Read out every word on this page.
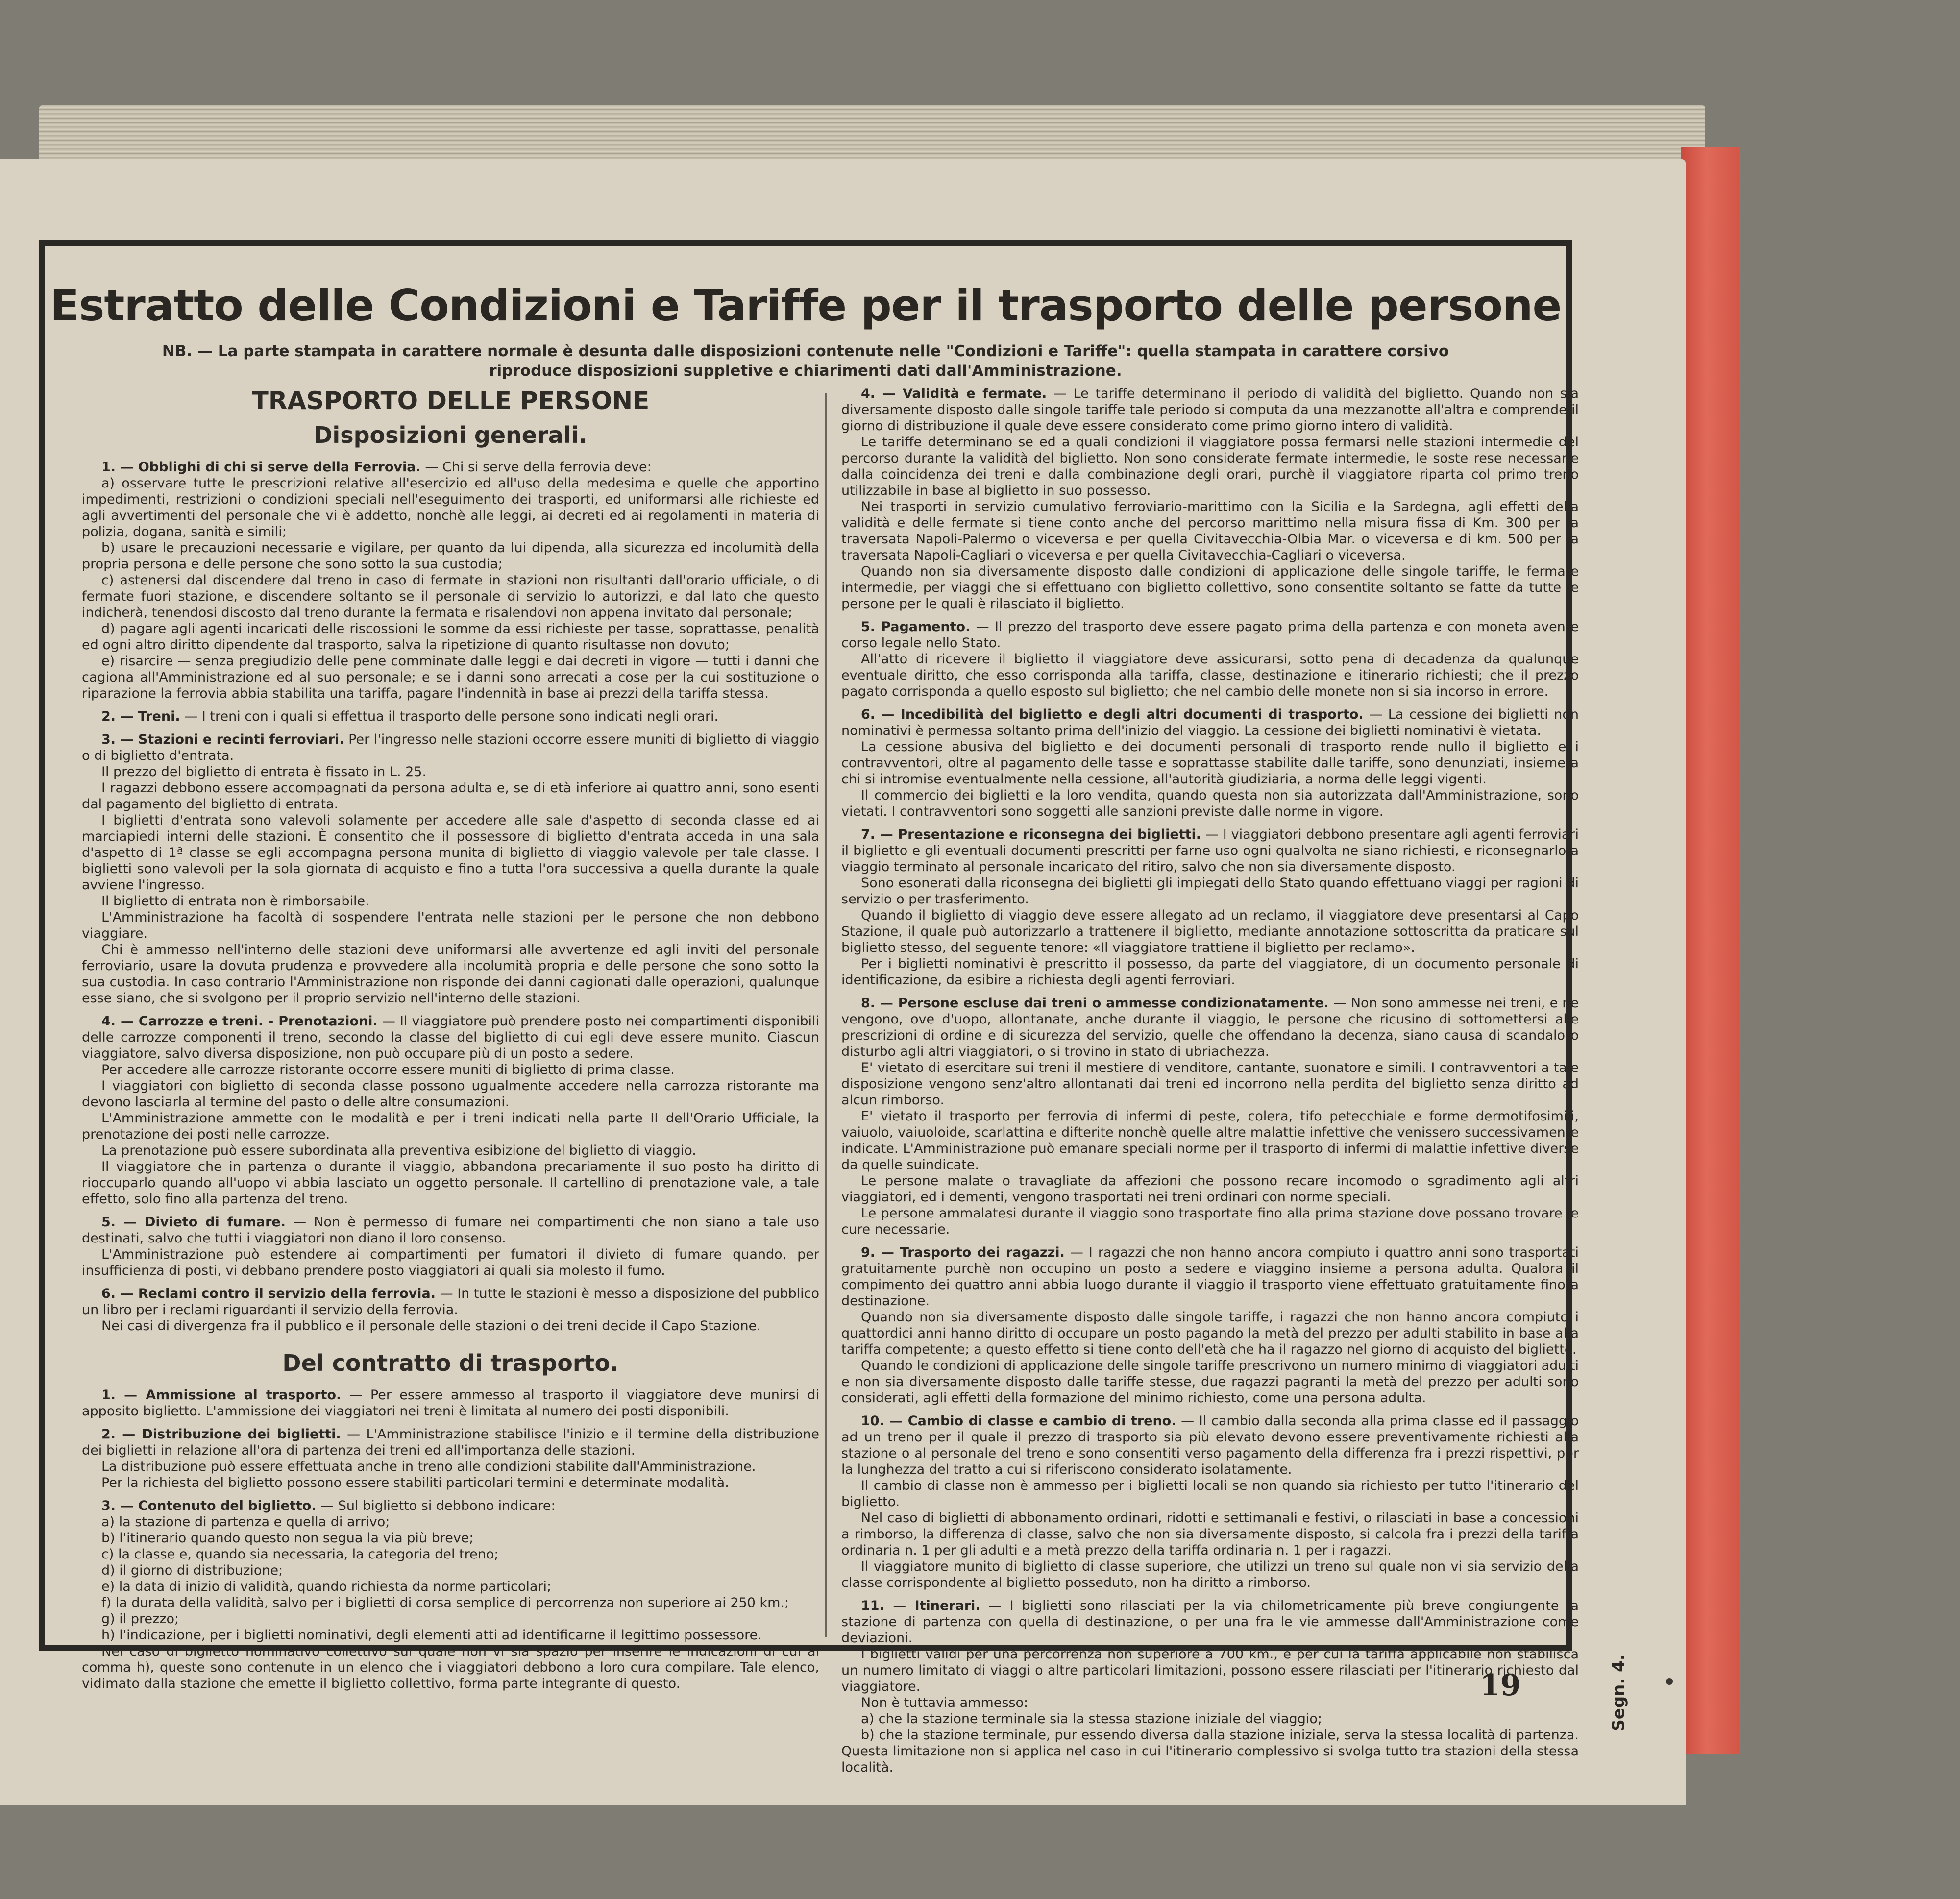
Estratto delle Condizioni e Tariffe per il trasporto delle persone
NB. — La parte stampata in carattere normale è desunta dalle disposizioni contenute nelle "Condizioni e Tariffe": quella stampata in carattere corsivo riproduce disposizioni suppletive e chiarimenti dati dall'Amministrazione.
TRASPORTO DELLE PERSONE
Disposizioni generali.

1. — Obblighi di chi si serve della Ferrovia. — Chi si serve della ferrovia deve:

a) osservare tutte le prescrizioni relative all'esercizio ed all'uso della medesima e quelle che apportino impedimenti, restrizioni o condizioni speciali nell'eseguimento dei trasporti, ed uniformarsi alle richieste ed agli avvertimenti del personale che vi è addetto, nonchè alle leggi, ai decreti ed ai regolamenti in materia di polizia, dogana, sanità e simili;

b) usare le precauzioni necessarie e vigilare, per quanto da lui dipenda, alla sicurezza ed incolumità della propria persona e delle persone che sono sotto la sua custodia;

c) astenersi dal discendere dal treno in caso di fermate in stazioni non risultanti dall'orario ufficiale, o di fermate fuori stazione, e discendere soltanto se il personale di servizio lo autorizzi, e dal lato che questo indicherà, tenendosi discosto dal treno durante la fermata e risalendovi non appena invitato dal personale;

d) pagare agli agenti incaricati delle riscossioni le somme da essi richieste per tasse, soprattasse, penalità ed ogni altro diritto dipendente dal trasporto, salva la ripetizione di quanto risultasse non dovuto;

e) risarcire — senza pregiudizio delle pene comminate dalle leggi e dai decreti in vigore — tutti i danni che cagiona all'Amministrazione ed al suo personale; e se i danni sono arrecati a cose per la cui sostituzione o riparazione la ferrovia abbia stabilita una tariffa, pagare l'indennità in base ai prezzi della tariffa stessa.

2. — Treni. — I treni con i quali si effettua il trasporto delle persone sono indicati negli orari.

3. — Stazioni e recinti ferroviari. Per l'ingresso nelle stazioni occorre essere muniti di biglietto di viaggio o di biglietto d'entrata.

Il prezzo del biglietto di entrata è fissato in L. 25.

I ragazzi debbono essere accompagnati da persona adulta e, se di età inferiore ai quattro anni, sono esenti dal pagamento del biglietto di entrata.

I biglietti d'entrata sono valevoli solamente per accedere alle sale d'aspetto di seconda classe ed ai marciapiedi interni delle stazioni. È consentito che il possessore di biglietto d'entrata acceda in una sala d'aspetto di 1ª classe se egli accompagna persona munita di biglietto di viaggio valevole per tale classe. I biglietti sono valevoli per la sola giornata di acquisto e fino a tutta l'ora successiva a quella durante la quale avviene l'ingresso.

Il biglietto di entrata non è rimborsabile.

L'Amministrazione ha facoltà di sospendere l'entrata nelle stazioni per le persone che non debbono viaggiare.

Chi è ammesso nell'interno delle stazioni deve uniformarsi alle avvertenze ed agli inviti del personale ferroviario, usare la dovuta prudenza e provvedere alla incolumità propria e delle persone che sono sotto la sua custodia. In caso contrario l'Amministrazione non risponde dei danni cagionati dalle operazioni, qualunque esse siano, che si svolgono per il proprio servizio nell'interno delle stazioni.

4. — Carrozze e treni. - Prenotazioni. — Il viaggiatore può prendere posto nei compartimenti disponibili delle carrozze componenti il treno, secondo la classe del biglietto di cui egli deve essere munito. Ciascun viaggiatore, salvo diversa disposizione, non può occupare più di un posto a sedere.

Per accedere alle carrozze ristorante occorre essere muniti di biglietto di prima classe.

I viaggiatori con biglietto di seconda classe possono ugualmente accedere nella carrozza ristorante ma devono lasciarla al termine del pasto o delle altre consumazioni.

L'Amministrazione ammette con le modalità e per i treni indicati nella parte II dell'Orario Ufficiale, la prenotazione dei posti nelle carrozze.

La prenotazione può essere subordinata alla preventiva esibizione del biglietto di viaggio.

Il viaggiatore che in partenza o durante il viaggio, abbandona precariamente il suo posto ha diritto di rioccuparlo quando all'uopo vi abbia lasciato un oggetto personale. Il cartellino di prenotazione vale, a tale effetto, solo fino alla partenza del treno.

5. — Divieto di fumare. — Non è permesso di fumare nei compartimenti che non siano a tale uso destinati, salvo che tutti i viaggiatori non diano il loro consenso.

L'Amministrazione può estendere ai compartimenti per fumatori il divieto di fumare quando, per insufficienza di posti, vi debbano prendere posto viaggiatori ai quali sia molesto il fumo.

6. — Reclami contro il servizio della ferrovia. — In tutte le stazioni è messo a disposizione del pubblico un libro per i reclami riguardanti il servizio della ferrovia.

Nei casi di divergenza fra il pubblico e il personale delle stazioni o dei treni decide il Capo Stazione.

Del contratto di trasporto.

1. — Ammissione al trasporto. — Per essere ammesso al trasporto il viaggiatore deve munirsi di apposito biglietto. L'ammissione dei viaggiatori nei treni è limitata al numero dei posti disponibili.

2. — Distribuzione dei biglietti. — L'Amministrazione stabilisce l'inizio e il termine della distribuzione dei biglietti in relazione all'ora di partenza dei treni ed all'importanza delle stazioni.

La distribuzione può essere effettuata anche in treno alle condizioni stabilite dall'Amministrazione.

Per la richiesta del biglietto possono essere stabiliti particolari termini e determinate modalità.

3. — Contenuto del biglietto. — Sul biglietto si debbono indicare:

a) la stazione di partenza e quella di arrivo;

b) l'itinerario quando questo non segua la via più breve;

c) la classe e, quando sia necessaria, la categoria del treno;

d) il giorno di distribuzione;

e) la data di inizio di validità, quando richiesta da norme particolari;

f) la durata della validità, salvo per i biglietti di corsa semplice di percorrenza non superiore ai 250 km.;

g) il prezzo;

h) l'indicazione, per i biglietti nominativi, degli elementi atti ad identificarne il legittimo possessore.

Nel caso di biglietto nominativo collettivo sul quale non vi sia spazio per inserire le indicazioni di cui al comma h), queste sono contenute in un elenco che i viaggiatori debbono a loro cura compilare. Tale elenco, vidimato dalla stazione che emette il biglietto collettivo, forma parte integrante di questo.

4. — Validità e fermate. — Le tariffe determinano il periodo di validità del biglietto. Quando non sia diversamente disposto dalle singole tariffe tale periodo si computa da una mezzanotte all'altra e comprende il giorno di distribuzione il quale deve essere considerato come primo giorno intero di validità.

Le tariffe determinano se ed a quali condizioni il viaggiatore possa fermarsi nelle stazioni intermedie del percorso durante la validità del biglietto. Non sono considerate fermate intermedie, le soste rese necessarie dalla coincidenza dei treni e dalla combinazione degli orari, purchè il viaggiatore riparta col primo treno utilizzabile in base al biglietto in suo possesso.

Nei trasporti in servizio cumulativo ferroviario-marittimo con la Sicilia e la Sardegna, agli effetti della validità e delle fermate si tiene conto anche del percorso marittimo nella misura fissa di Km. 300 per la traversata Napoli-Palermo o viceversa e per quella Civitavecchia-Olbia Mar. o viceversa e di km. 500 per la traversata Napoli-Cagliari o viceversa e per quella Civitavecchia-Cagliari o viceversa.

Quando non sia diversamente disposto dalle condizioni di applicazione delle singole tariffe, le fermate intermedie, per viaggi che si effettuano con biglietto collettivo, sono consentite soltanto se fatte da tutte le persone per le quali è rilasciato il biglietto.

5. Pagamento. — Il prezzo del trasporto deve essere pagato prima della partenza e con moneta avente corso legale nello Stato.

All'atto di ricevere il biglietto il viaggiatore deve assicurarsi, sotto pena di decadenza da qualunque eventuale diritto, che esso corrisponda alla tariffa, classe, destinazione e itinerario richiesti; che il prezzo pagato corrisponda a quello esposto sul biglietto; che nel cambio delle monete non si sia incorso in errore.

6. — Incedibilità del biglietto e degli altri documenti di trasporto. — La cessione dei biglietti non nominativi è permessa soltanto prima dell'inizio del viaggio. La cessione dei biglietti nominativi è vietata.

La cessione abusiva del biglietto e dei documenti personali di trasporto rende nullo il biglietto e i contravventori, oltre al pagamento delle tasse e soprattasse stabilite dalle tariffe, sono denunziati, insieme a chi si intromise eventualmente nella cessione, all'autorità giudiziaria, a norma delle leggi vigenti.

Il commercio dei biglietti e la loro vendita, quando questa non sia autorizzata dall'Amministrazione, sono vietati. I contravventori sono soggetti alle sanzioni previste dalle norme in vigore.

7. — Presentazione e riconsegna dei biglietti. — I viaggiatori debbono presentare agli agenti ferroviari il biglietto e gli eventuali documenti prescritti per farne uso ogni qualvolta ne siano richiesti, e riconsegnarlo a viaggio terminato al personale incaricato del ritiro, salvo che non sia diversamente disposto.

Sono esonerati dalla riconsegna dei biglietti gli impiegati dello Stato quando effettuano viaggi per ragioni di servizio o per trasferimento.

Quando il biglietto di viaggio deve essere allegato ad un reclamo, il viaggiatore deve presentarsi al Capo Stazione, il quale può autorizzarlo a trattenere il biglietto, mediante annotazione sottoscritta da praticare sul biglietto stesso, del seguente tenore: «Il viaggiatore trattiene il biglietto per reclamo».

Per i biglietti nominativi è prescritto il possesso, da parte del viaggiatore, di un documento personale di identificazione, da esibire a richiesta degli agenti ferroviari.

8. — Persone escluse dai treni o ammesse condizionatamente. — Non sono ammesse nei treni, e ne vengono, ove d'uopo, allontanate, anche durante il viaggio, le persone che ricusino di sottomettersi alle prescrizioni di ordine e di sicurezza del servizio, quelle che offendano la decenza, siano causa di scandalo o disturbo agli altri viaggiatori, o si trovino in stato di ubriachezza.

E' vietato di esercitare sui treni il mestiere di venditore, cantante, suonatore e simili. I contravventori a tale disposizione vengono senz'altro allontanati dai treni ed incorrono nella perdita del biglietto senza diritto ad alcun rimborso.

E' vietato il trasporto per ferrovia di infermi di peste, colera, tifo petecchiale e forme dermotifosimili, vaiuolo, vaiuoloide, scarlattina e difterite nonchè quelle altre malattie infettive che venissero successivamente indicate. L'Amministrazione può emanare speciali norme per il trasporto di infermi di malattie infettive diverse da quelle suindicate.

Le persone malate o travagliate da affezioni che possono recare incomodo o sgradimento agli altri viaggiatori, ed i dementi, vengono trasportati nei treni ordinari con norme speciali.

Le persone ammalatesi durante il viaggio sono trasportate fino alla prima stazione dove possano trovare le cure necessarie.

9. — Trasporto dei ragazzi. — I ragazzi che non hanno ancora compiuto i quattro anni sono trasportati gratuitamente purchè non occupino un posto a sedere e viaggino insieme a persona adulta. Qualora il compimento dei quattro anni abbia luogo durante il viaggio il trasporto viene effettuato gratuitamente fino a destinazione.

Quando non sia diversamente disposto dalle singole tariffe, i ragazzi che non hanno ancora compiuto i quattordici anni hanno diritto di occupare un posto pagando la metà del prezzo per adulti stabilito in base alla tariffa competente; a questo effetto si tiene conto dell'età che ha il ragazzo nel giorno di acquisto del biglietto.

Quando le condizioni di applicazione delle singole tariffe prescrivono un numero minimo di viaggiatori adulti e non sia diversamente disposto dalle tariffe stesse, due ragazzi pagranti la metà del prezzo per adulti sono considerati, agli effetti della formazione del minimo richiesto, come una persona adulta.

10. — Cambio di classe e cambio di treno. — Il cambio dalla seconda alla prima classe ed il passaggio ad un treno per il quale il prezzo di trasporto sia più elevato devono essere preventivamente richiesti alla stazione o al personale del treno e sono consentiti verso pagamento della differenza fra i prezzi rispettivi, per la lunghezza del tratto a cui si riferiscono considerato isolatamente.

Il cambio di classe non è ammesso per i biglietti locali se non quando sia richiesto per tutto l'itinerario del biglietto.

Nel caso di biglietti di abbonamento ordinari, ridotti e settimanali e festivi, o rilasciati in base a concessioni a rimborso, la differenza di classe, salvo che non sia diversamente disposto, si calcola fra i prezzi della tariffa ordinaria n. 1 per gli adulti e a metà prezzo della tariffa ordinaria n. 1 per i ragazzi.

Il viaggiatore munito di biglietto di classe superiore, che utilizzi un treno sul quale non vi sia servizio della classe corrispondente al biglietto posseduto, non ha diritto a rimborso.

11. — Itinerari. — I biglietti sono rilasciati per la via chilometricamente più breve congiungente la stazione di partenza con quella di destinazione, o per una fra le vie ammesse dall'Amministrazione come deviazioni.

I biglietti validi per una percorrenza non superiore a 700 km., e per cui la tariffa applicabile non stabilisca un numero limitato di viaggi o altre particolari limitazioni, possono essere rilasciati per l'itinerario richiesto dal viaggiatore.

Non è tuttavia ammesso:

a) che la stazione terminale sia la stessa stazione iniziale del viaggio;

b) che la stazione terminale, pur essendo diversa dalla stazione iniziale, serva la stessa località di partenza. Questa limitazione non si applica nel caso in cui l'itinerario complessivo si svolga tutto tra stazioni della stessa località.

Segn. 4.
19
